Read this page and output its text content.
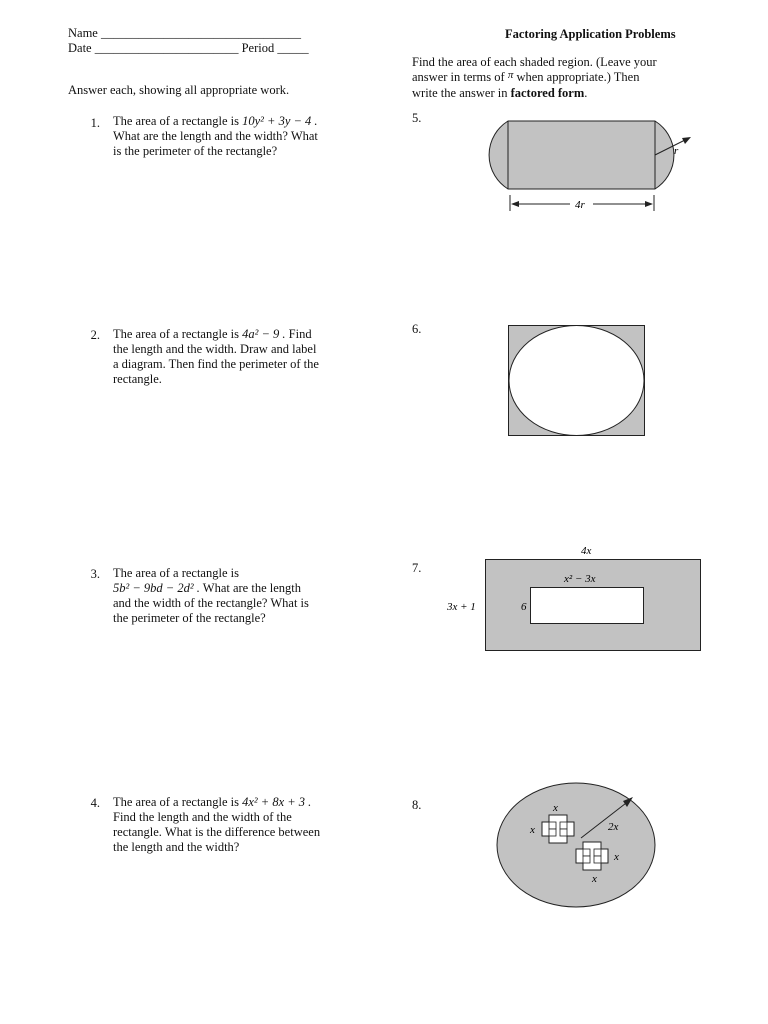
Name ________________________________
Date _______________________ Period _____
Factoring Application Problems
Answer each, showing all appropriate work.
Find the area of each shaded region. (Leave your
answer in terms of π when appropriate.) Then
write the answer in factored form.
1. The area of a rectangle is 10y² + 3y − 4 .
What are the length and the width? What
is the perimeter of the rectangle?
2. The area of a rectangle is 4a² − 9 . Find
the length and the width. Draw and label
a diagram. Then find the perimeter of the
rectangle.
3. The area of a rectangle is
5b² − 9bd − 2d² . What are the length
and the width of the rectangle? What is
the perimeter of the rectangle?
4. The area of a rectangle is 4x² + 8x + 3 .
Find the length and the width of the
rectangle. What is the difference between
the length and the width?
5.
r
4r
6.
7.
4x
x² − 3x
3x + 1	6
8.
2x
x
x
x
x
